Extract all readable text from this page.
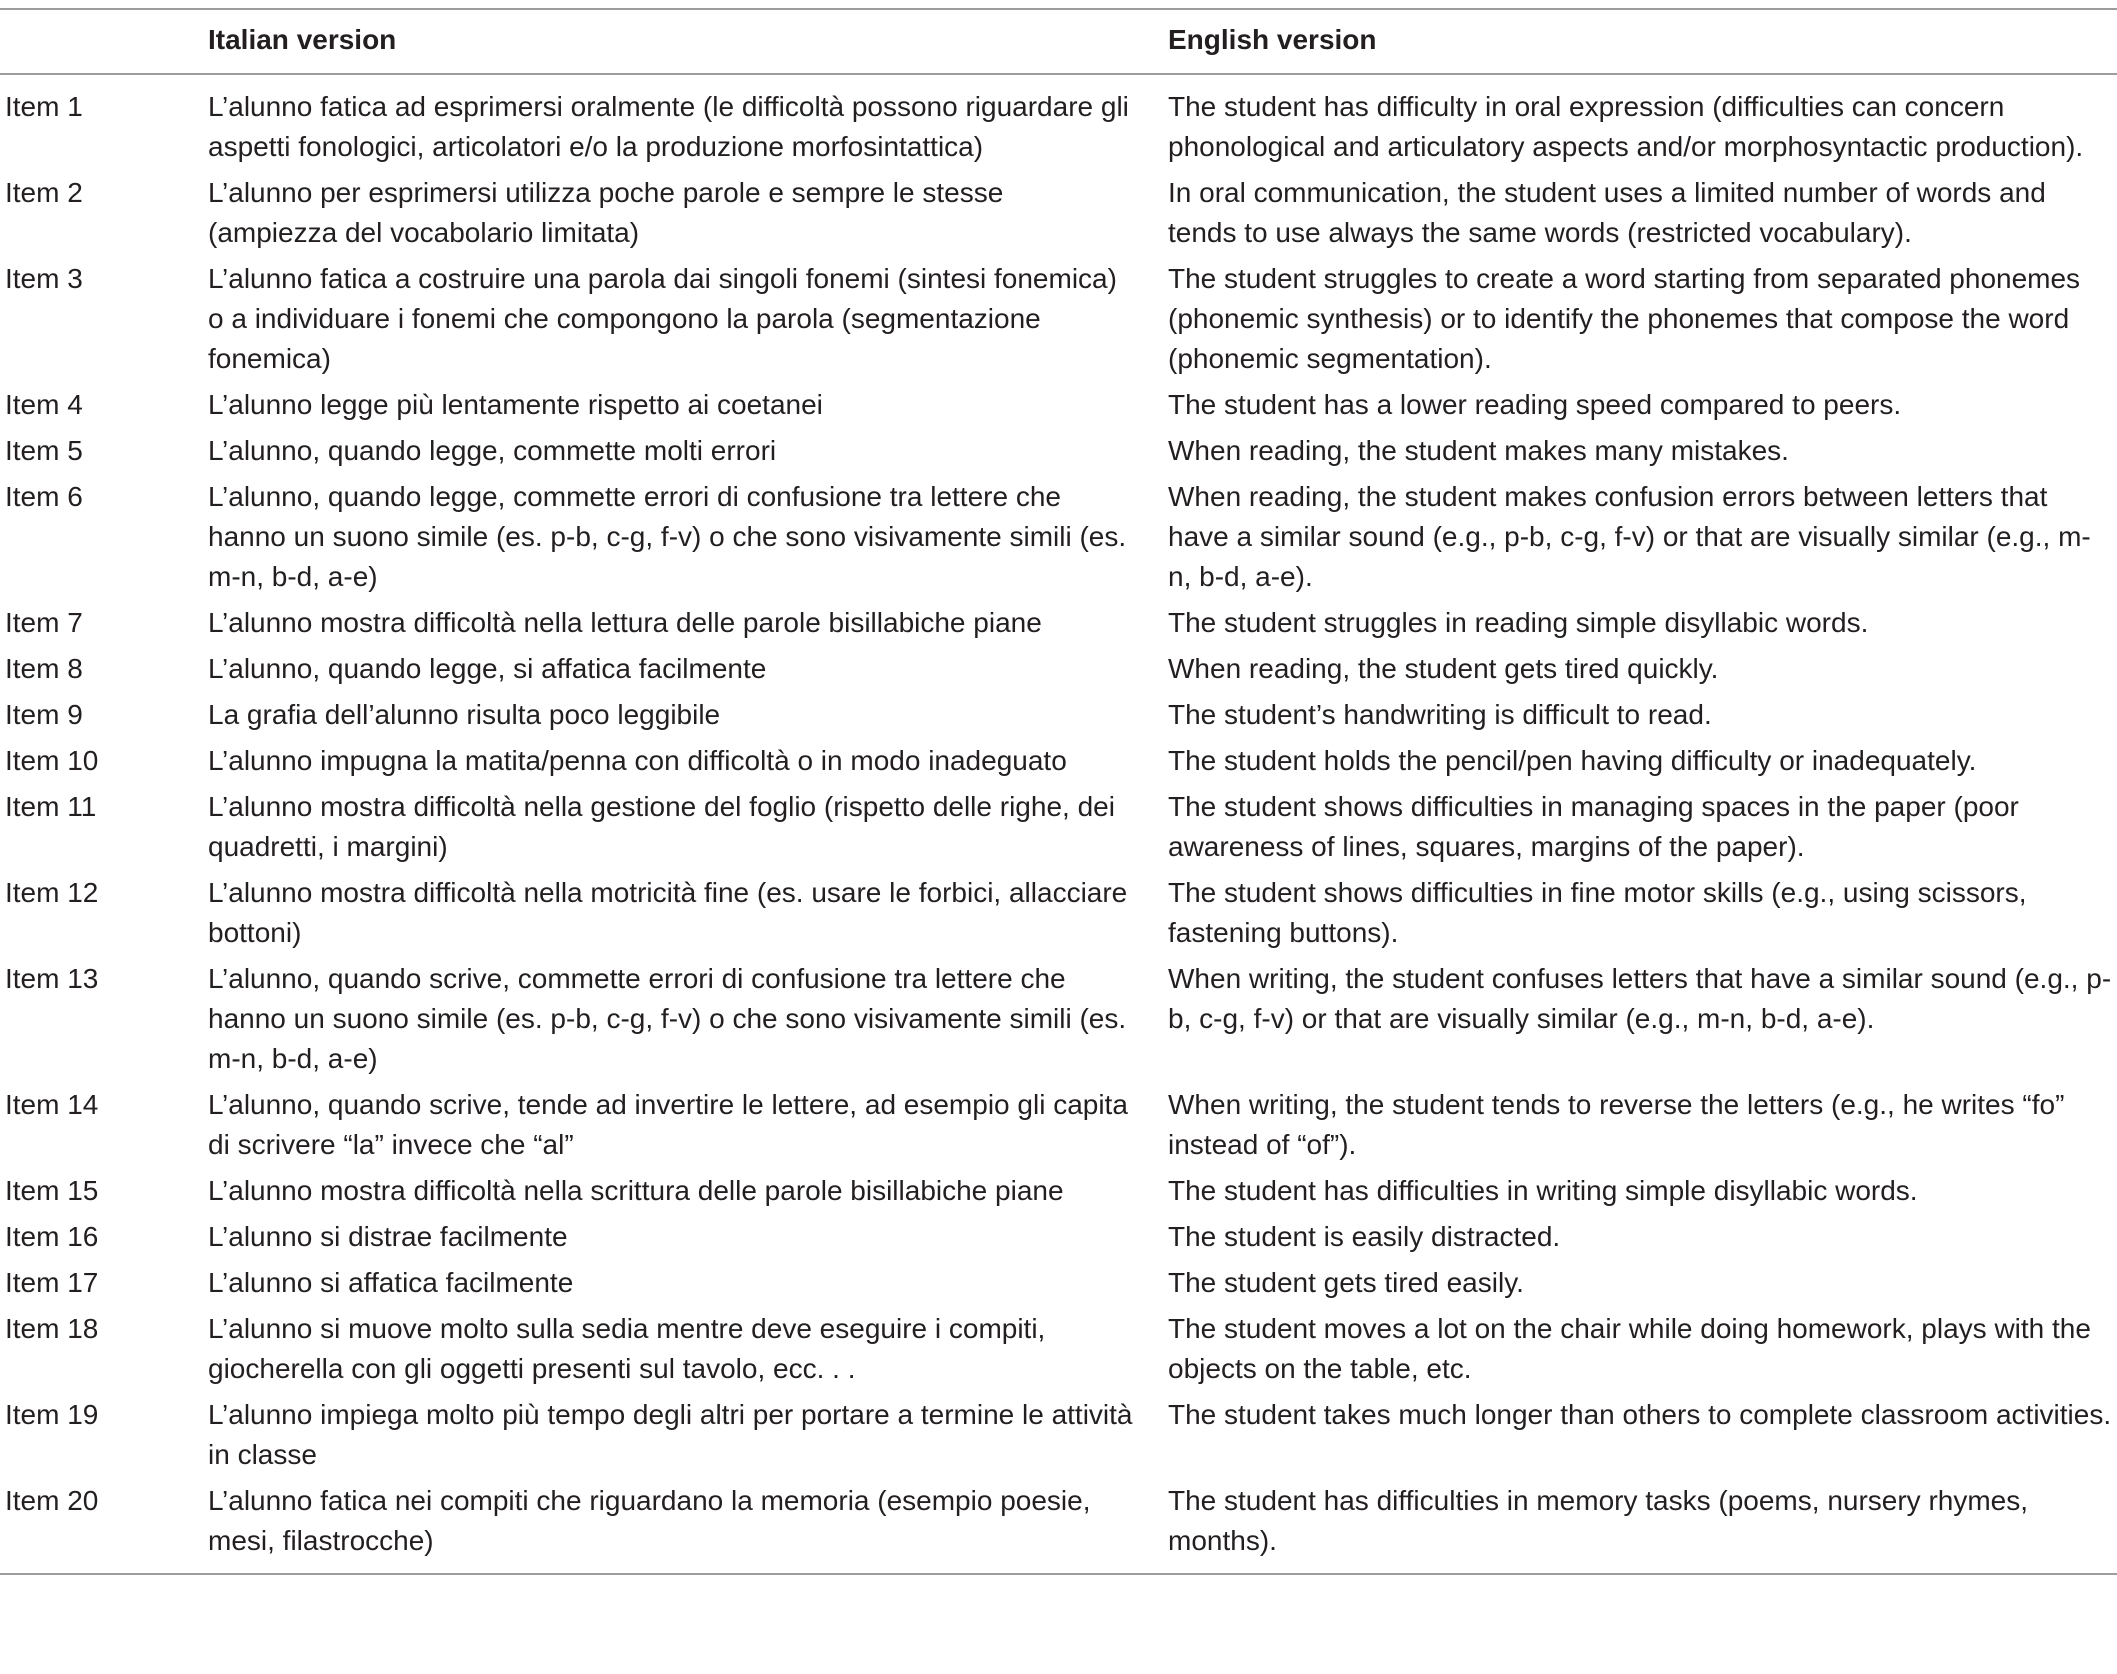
	Italian version	English version
Item 1	L’alunno fatica ad esprimersi oralmente (le difficoltà possono riguardare gli aspetti fonologici, articolatori e/o la produzione morfosintattica)	The student has difficulty in oral expression (difficulties can concern phonological and articulatory aspects and/or morphosyntactic production).
Item 2	L’alunno per esprimersi utilizza poche parole e sempre le stesse (ampiezza del vocabolario limitata)	In oral communication, the student uses a limited number of words and tends to use always the same words (restricted vocabulary).
Item 3	L’alunno fatica a costruire una parola dai singoli fonemi (sintesi fonemica) o a individuare i fonemi che compongono la parola (segmentazione fonemica)	The student struggles to create a word starting from separated phonemes (phonemic synthesis) or to identify the phonemes that compose the word (phonemic segmentation).
Item 4	L’alunno legge più lentamente rispetto ai coetanei	The student has a lower reading speed compared to peers.
Item 5	L’alunno, quando legge, commette molti errori	When reading, the student makes many mistakes.
Item 6	L’alunno, quando legge, commette errori di confusione tra lettere che hanno un suono simile (es. p-b, c-g, f-v) o che sono visivamente simili (es. m-n, b-d, a-e)	When reading, the student makes confusion errors between letters that have a similar sound (e.g., p-b, c-g, f-v) or that are visually similar (e.g., m-n, b-d, a-e).
Item 7	L’alunno mostra difficoltà nella lettura delle parole bisillabiche piane	The student struggles in reading simple disyllabic words.
Item 8	L’alunno, quando legge, si affatica facilmente	When reading, the student gets tired quickly.
Item 9	La grafia dell’alunno risulta poco leggibile	The student’s handwriting is difficult to read.
Item 10	L’alunno impugna la matita/penna con difficoltà o in modo inadeguato	The student holds the pencil/pen having difficulty or inadequately.
Item 11	L’alunno mostra difficoltà nella gestione del foglio (rispetto delle righe, dei quadretti, i margini)	The student shows difficulties in managing spaces in the paper (poor awareness of lines, squares, margins of the paper).
Item 12	L’alunno mostra difficoltà nella motricità fine (es. usare le forbici, allacciare bottoni)	The student shows difficulties in fine motor skills (e.g., using scissors, fastening buttons).
Item 13	L’alunno, quando scrive, commette errori di confusione tra lettere che hanno un suono simile (es. p-b, c-g, f-v) o che sono visivamente simili (es. m-n, b-d, a-e)	When writing, the student confuses letters that have a similar sound (e.g., p-b, c-g, f-v) or that are visually similar (e.g., m-n, b-d, a-e).
Item 14	L’alunno, quando scrive, tende ad invertire le lettere, ad esempio gli capita di scrivere “la” invece che “al”	When writing, the student tends to reverse the letters (e.g., he writes “fo” instead of “of”).
Item 15	L’alunno mostra difficoltà nella scrittura delle parole bisillabiche piane	The student has difficulties in writing simple disyllabic words.
Item 16	L’alunno si distrae facilmente	The student is easily distracted.
Item 17	L’alunno si affatica facilmente	The student gets tired easily.
Item 18	L’alunno si muove molto sulla sedia mentre deve eseguire i compiti, giocherella con gli oggetti presenti sul tavolo, ecc. . .	The student moves a lot on the chair while doing homework, plays with the objects on the table, etc.
Item 19	L’alunno impiega molto più tempo degli altri per portare a termine le attività in classe	The student takes much longer than others to complete classroom activities.
Item 20	L’alunno fatica nei compiti che riguardano la memoria (esempio poesie, mesi, filastrocche)	The student has difficulties in memory tasks (poems, nursery rhymes, months).
